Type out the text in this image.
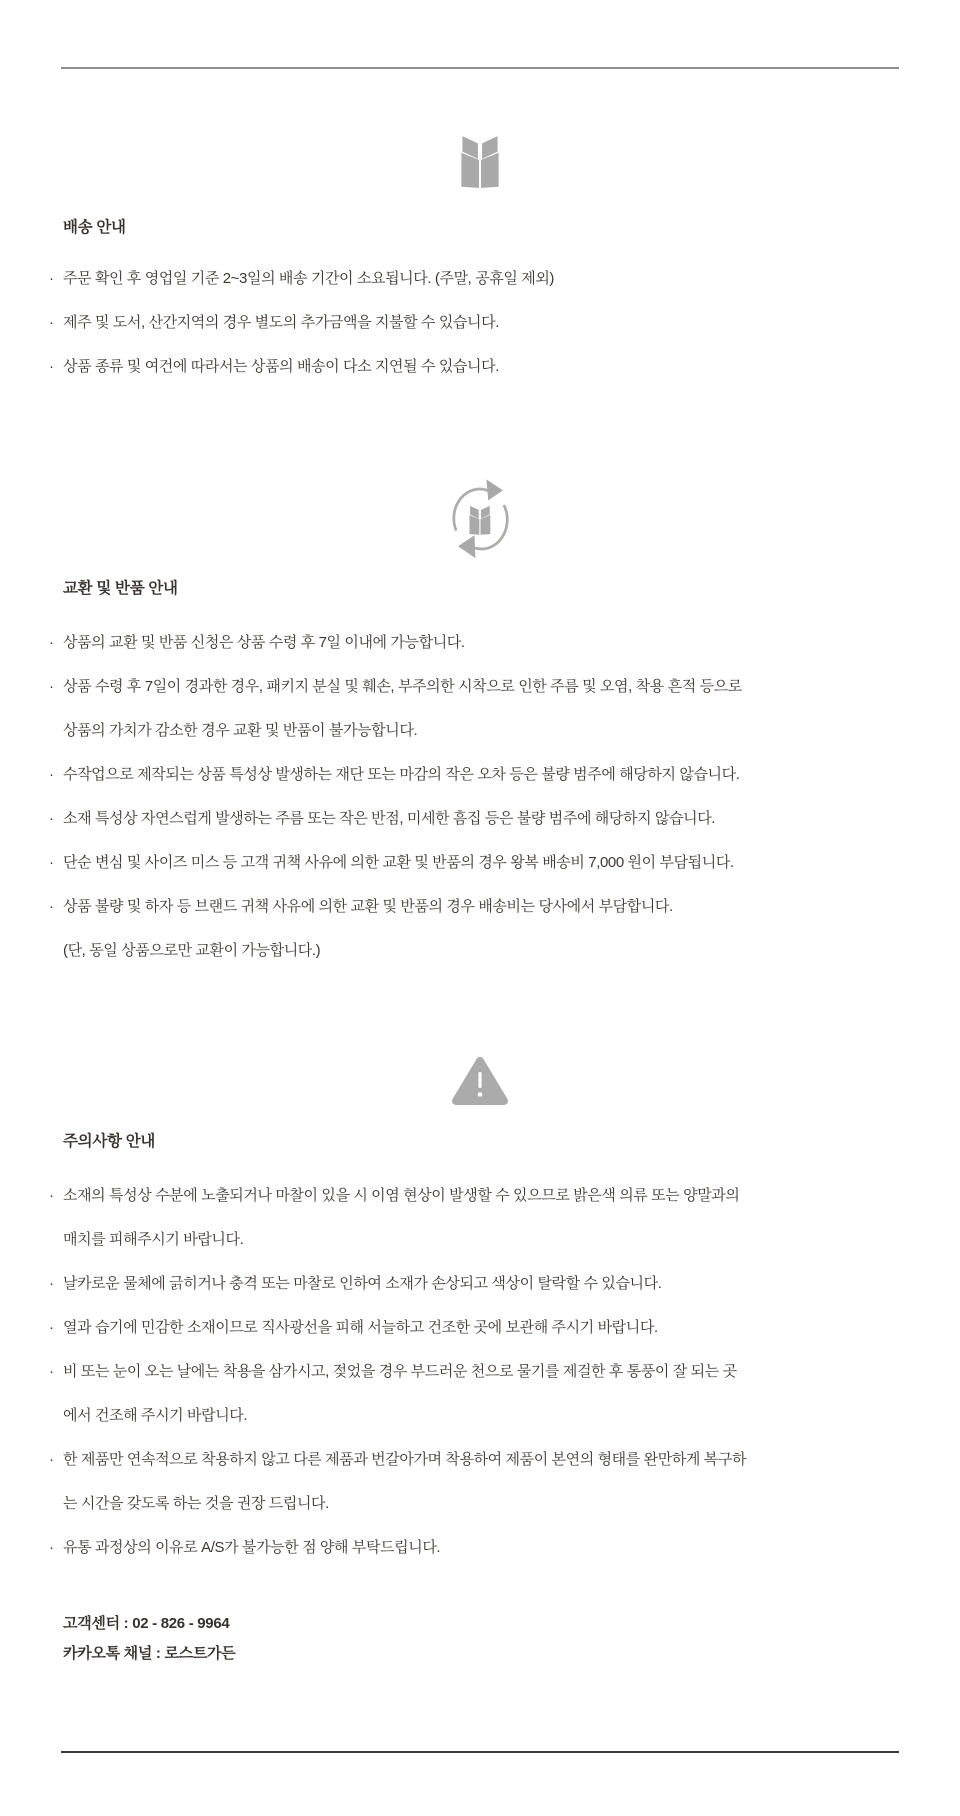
배송 안내
· 주문 확인 후 영업일 기준 2~3일의 배송 기간이 소요됩니다. (주말, 공휴일 제외)
· 제주 및 도서, 산간지역의 경우 별도의 추가금액을 지불할 수 있습니다.
· 상품 종류 및 여건에 따라서는 상품의 배송이 다소 지연될 수 있습니다.
교환 및 반품 안내
· 상품의 교환 및 반품 신청은 상품 수령 후 7일 이내에 가능합니다.
· 상품 수령 후 7일이 경과한 경우, 패키지 분실 및 훼손, 부주의한 시착으로 인한 주름 및 오염, 착용 흔적 등으로
상품의 가치가 감소한 경우 교환 및 반품이 불가능합니다.
· 수작업으로 제작되는 상품 특성상 발생하는 재단 또는 마감의 작은 오차 등은 불량 범주에 해당하지 않습니다.
· 소재 특성상 자연스럽게 발생하는 주름 또는 작은 반점, 미세한 흠집 등은 불량 범주에 해당하지 않습니다.
· 단순 변심 및 사이즈 미스 등 고객 귀책 사유에 의한 교환 및 반품의 경우 왕복 배송비 7,000 원이 부담됩니다.
· 상품 불량 및 하자 등 브랜드 귀책 사유에 의한 교환 및 반품의 경우 배송비는 당사에서 부담합니다.
(단, 동일 상품으로만 교환이 가능합니다.)
주의사항 안내
· 소재의 특성상 수분에 노출되거나 마찰이 있을 시 이염 현상이 발생할 수 있으므로 밝은색 의류 또는 양말과의
매치를 피해주시기 바랍니다.
· 날카로운 물체에 긁히거나 충격 또는 마찰로 인하여 소재가 손상되고 색상이 탈락할 수 있습니다.
· 열과 습기에 민감한 소재이므로 직사광선을 피해 서늘하고 건조한 곳에 보관해 주시기 바랍니다.
· 비 또는 눈이 오는 날에는 착용을 삼가시고, 젖었을 경우 부드러운 천으로 물기를 제걸한 후 통풍이 잘 되는 곳
에서 건조해 주시기 바랍니다.
· 한 제품만 연속적으로 착용하지 않고 다른 제품과 번갈아가며 착용하여 제품이 본연의 형태를 완만하게 복구하
는 시간을 갖도록 하는 것을 권장 드립니다.
· 유통 과정상의 이유로 A/S가 불가능한 점 양해 부탁드립니다.
고객센터 : 02 - 826 - 9964
카카오톡 채널 : 로스트가든
